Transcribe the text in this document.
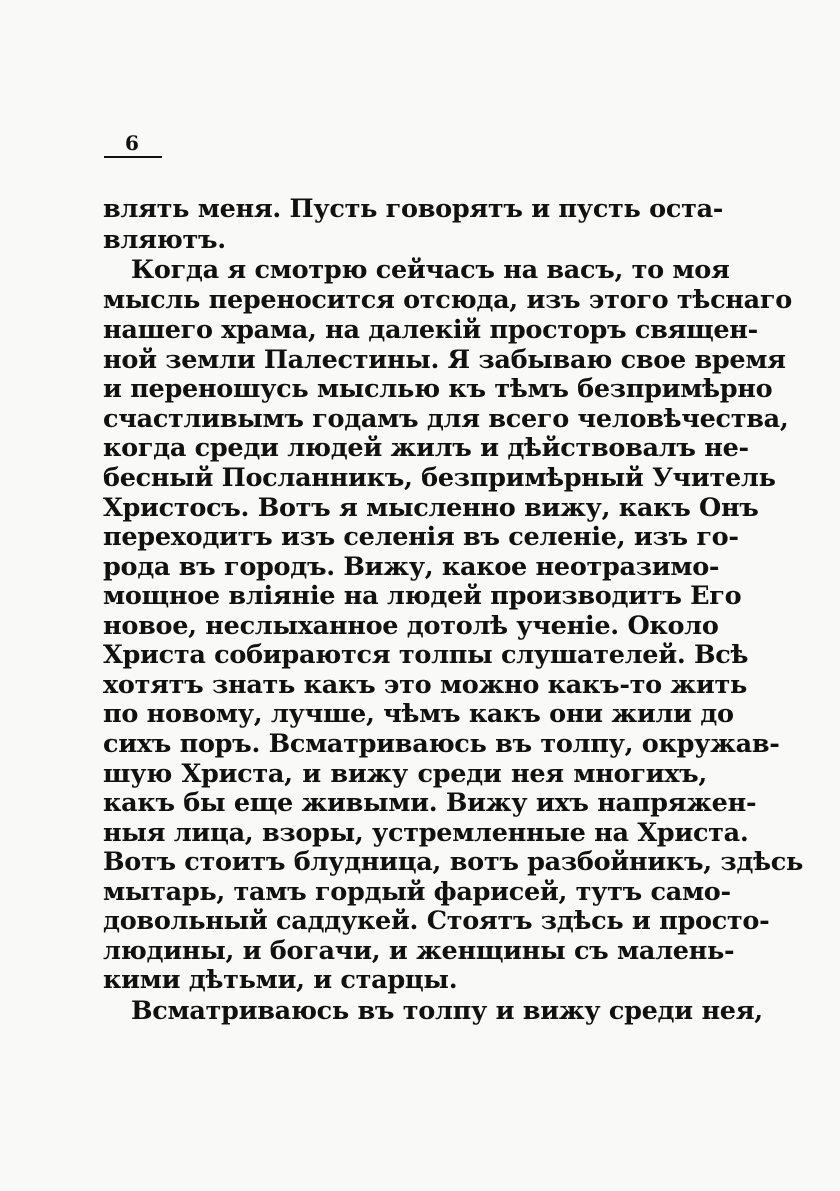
6
влять меня. Пусть говорятъ и пусть оста-
вляютъ.
Когда я смотрю сейчасъ на васъ, то моя
мысль переносится отсюда, изъ этого тѣснаго
нашего храма, на далекій просторъ священ-
ной земли Палестины. Я забываю свое время
и переношусь мыслью къ тѣмъ безпримѣрно
счастливымъ годамъ для всего человѣчества,
когда среди людей жилъ и дѣйствовалъ не-
бесный Посланникъ, безпримѣрный Учитель
Христосъ. Вотъ я мысленно вижу, какъ Онъ
переходитъ изъ селенія въ селеніе, изъ го-
рода въ городъ. Вижу, какое неотразимо-
мощное вліяніе на людей производитъ Его
новое, неслыханное дотолѣ ученіе. Около
Христа собираются толпы слушателей. Всѣ
хотятъ знать какъ это можно какъ-то жить
по новому, лучше, чѣмъ какъ они жили до
сихъ поръ. Всматриваюсь въ толпу, окружав-
шую Христа, и вижу среди нея многихъ,
какъ бы еще живыми. Вижу ихъ напряжен-
ныя лица, взоры, устремленные на Христа.
Вотъ стоитъ блудница, вотъ разбойникъ, здѣсь
мытарь, тамъ гордый фарисей, тутъ само-
довольный саддукей. Стоятъ здѣсь и просто-
людины, и богачи, и женщины съ малень-
кими дѣтьми, и старцы.
Всматриваюсь въ толпу и вижу среди нея,
